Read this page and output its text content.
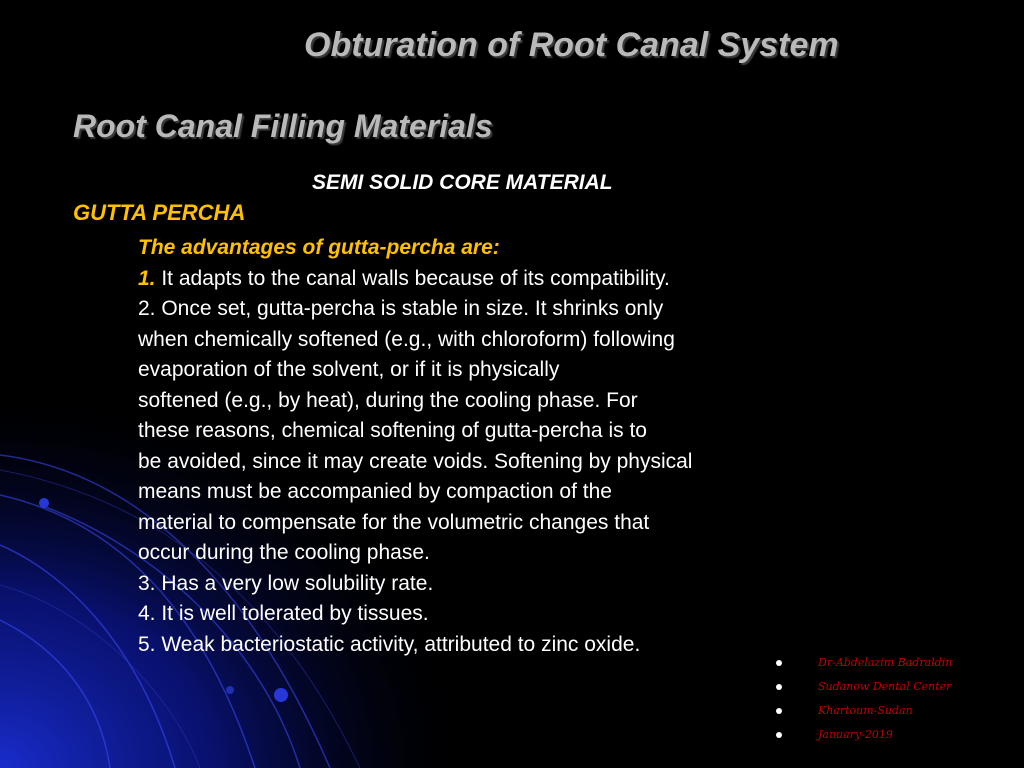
Obturation of Root Canal System
Root Canal Filling Materials
SEMI SOLID CORE MATERIAL
GUTTA PERCHA

The advantages of gutta-percha are:

1. It adapts to the canal walls because of its compatibility.

2. Once set, gutta-percha is stable in size. It shrinks only

when chemically softened (e.g., with chloroform) following

evaporation of the solvent, or if it is physically

softened (e.g., by heat), during the cooling phase. For

these reasons, chemical softening of gutta-percha is to

be avoided, since it may create voids. Softening by physical

means must be accompanied by compaction of the

material to compensate for the volumetric changes that

occur during the cooling phase.

3. Has a very low solubility rate.

4. It is well tolerated by tissues.

5. Weak bacteriostatic activity, attributed to zinc oxide.

Dr-Abdelazim Badraldin
Sudanow Dental Center
Khartoum-Sudan
January-2019
